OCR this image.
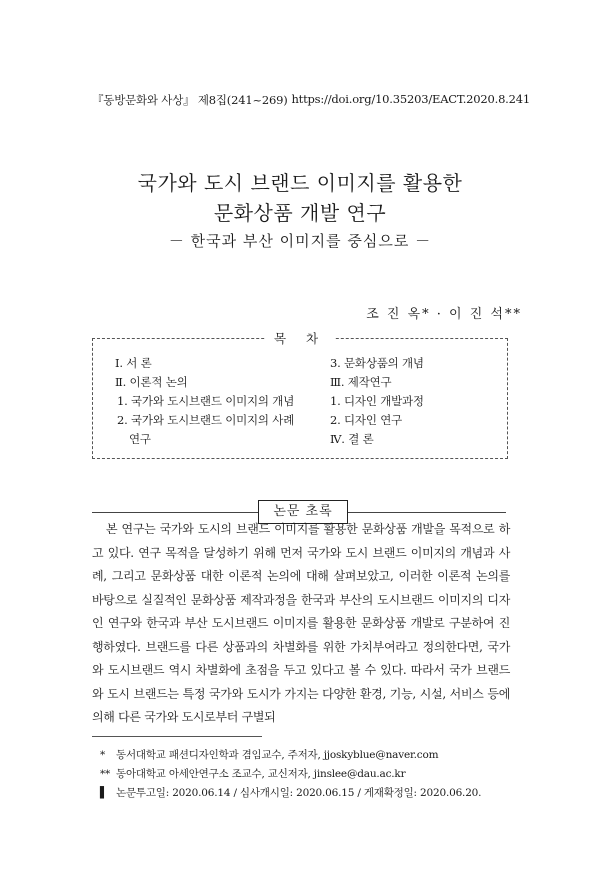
『동방문화와 사상』 제8집(241~269) https://doi.org/10.35203/EACT.2020.8.241
국가와 도시 브랜드 이미지를 활용한
문화상품 개발 연구
－ 한국과 부산 이미지를 중심으로 －
조 진 옥* · 이 진 석**
목 차
Ⅰ. 서 론
Ⅱ. 이론적 논의
1. 국가와 도시브랜드 이미지의 개념
2. 국가와 도시브랜드 이미지의 사례
연구
3. 문화상품의 개념
Ⅲ. 제작연구
1. 디자인 개발과정
2. 디자인 연구
Ⅳ. 결 론
논문 초록
본 연구는 국가와 도시의 브랜드 이미지를 활용한 문화상품 개발을 목적으로 하고 있다. 연구 목적을 달성하기 위해 먼저 국가와 도시 브랜드 이미지의 개념과 사례, 그리고 문화상품 대한 이론적 논의에 대해 살펴보았고, 이러한 이론적 논의를 바탕으로 실질적인 문화상품 제작과정을 한국과 부산의 도시브랜드 이미지의 디자인 연구와 한국과 부산 도시브랜드 이미지를 활용한 문화상품 개발로 구분하여 진행하였다. 브랜드를 다른 상품과의 차별화를 위한 가치부여라고 정의한다면, 국가와 도시브랜드 역시 차별화에 초점을 두고 있다고 볼 수 있다. 따라서 국가 브랜드와 도시 브랜드는 특정 국가와 도시가 가지는 다양한 환경, 기능, 시설, 서비스 등에 의해 다른 국가와 도시로부터 구별되
*	동서대학교 패션디자인학과 겸임교수, 주저자, jjoskyblue@naver.com
** 동아대학교 아세안연구소 조교수, 교신저자, jinslee@dau.ac.kr
▌ 논문투고일: 2020.06.14 / 심사개시일: 2020.06.15 / 게재확정일: 2020.06.20.
